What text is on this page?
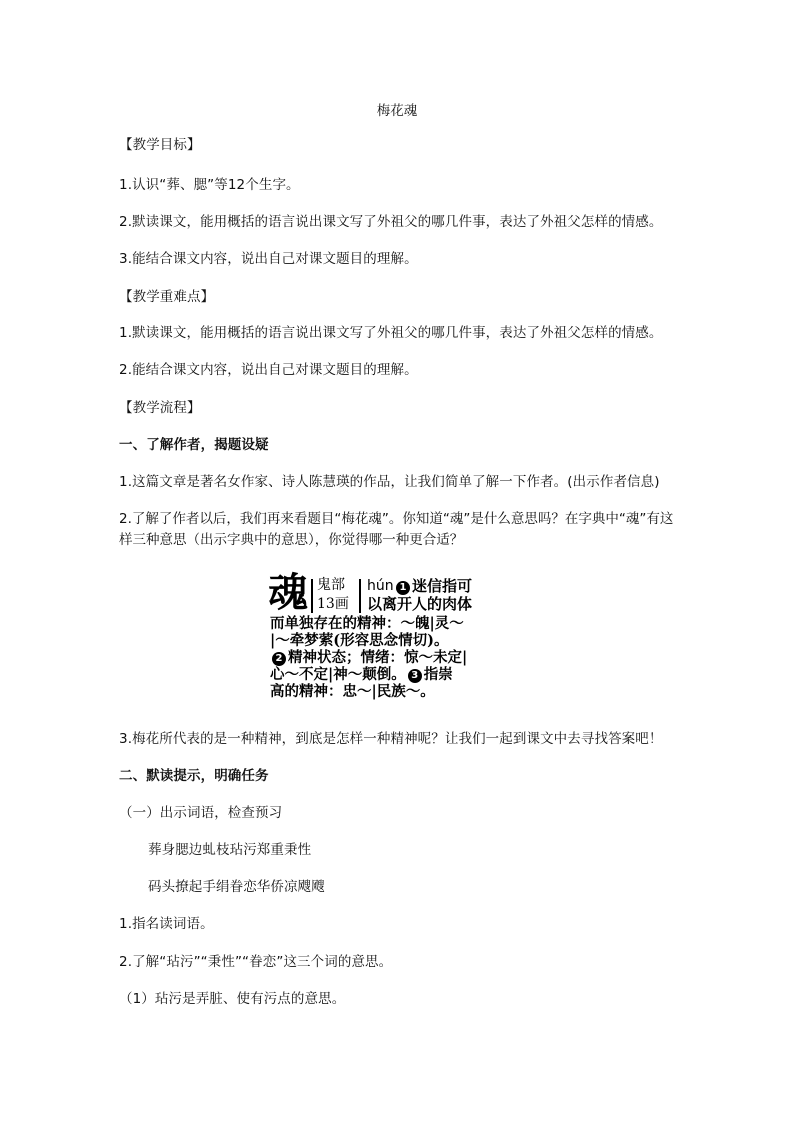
梅花魂
【教学目标】
1.认识“葬、腮”等12个生字。
2.默读课文，能用概括的语言说出课文写了外祖父的哪几件事，表达了外祖父怎样的情感。
3.能结合课文内容，说出自己对课文题目的理解。
【教学重难点】
1.默读课文，能用概括的语言说出课文写了外祖父的哪几件事，表达了外祖父怎样的情感。
2.能结合课文内容，说出自己对课文题目的理解。
【教学流程】
一、了解作者，揭题设疑
1.这篇文章是著名女作家、诗人陈慧瑛的作品，让我们简单了解一下作者。(出示作者信息)
2.了解了作者以后，我们再来看题目“梅花魂”。你知道“魂”是什么意思吗？在字典中“魂”有这样三种意思（出示字典中的意思），你觉得哪一种更合适？
魂 鬼部
13画
hún 1 迷信指可
以离开人的肉体
而单独存在的精神：～魄|灵～
|～牵梦萦(形容思念情切)。
2 精神状态；情绪：惊～未定|
心～不定|神～颠倒。 3 指崇
高的精神：忠～|民族～。
3.梅花所代表的是一种精神，到底是怎样一种精神呢？让我们一起到课文中去寻找答案吧！
二、默读提示，明确任务
（一）出示词语，检查预习
葬身腮边虬枝玷污郑重秉性
码头撩起手绢眷恋华侨凉飕飕
1.指名读词语。
2.了解“玷污”“秉性”“眷恋”这三个词的意思。
（1）玷污是弄脏、使有污点的意思。
